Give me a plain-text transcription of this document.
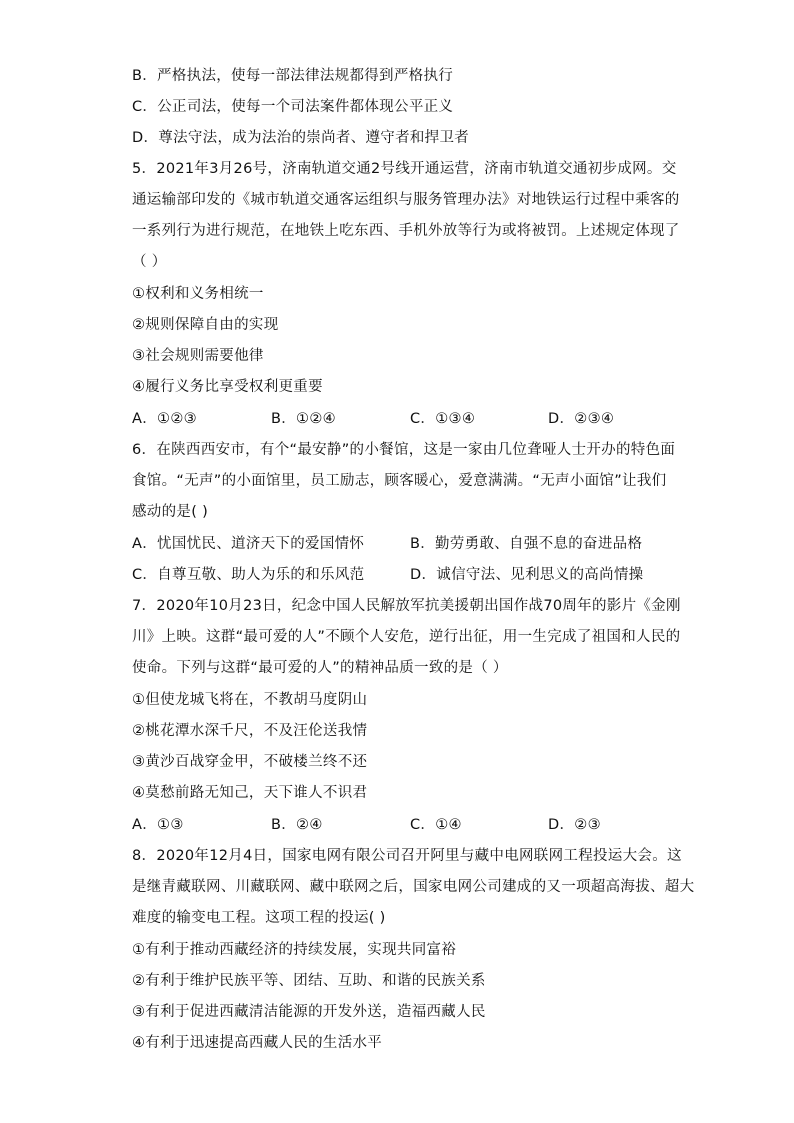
B．严格执法，使每一部法律法规都得到严格执行
C．公正司法，使每一个司法案件都体现公平正义
D．尊法守法，成为法治的崇尚者、遵守者和捍卫者
5．2021年3月26号，济南轨道交通2号线开通运营，济南市轨道交通初步成网。交
通运输部印发的《城市轨道交通客运组织与服务管理办法》对地铁运行过程中乘客的
一系列行为进行规范，在地铁上吃东西、手机外放等行为或将被罚。上述规定体现了
（ ）
①权利和义务相统一
②规则保障自由的实现
③社会规则需要他律
④履行义务比享受权利更重要
A．①②③	B．①②④	C．①③④	D．②③④
6．在陕西西安市，有个“最安静”的小餐馆，这是一家由几位聋哑人士开办的特色面
食馆。“无声”的小面馆里，员工励志，顾客暖心，爱意满满。“无声小面馆”让我们
感动的是( )
A．忧国忧民、道济天下的爱国情怀	B．勤劳勇敢、自强不息的奋进品格
C．自尊互敬、助人为乐的和乐风范	D．诚信守法、见利思义的高尚情操
7．2020年10月23日，纪念中国人民解放军抗美援朝出国作战70周年的影片《金刚
川》上映。这群“最可爱的人”不顾个人安危，逆行出征，用一生完成了祖国和人民的
使命。下列与这群“最可爱的人”的精神品质一致的是（ ）
①但使龙城飞将在，不教胡马度阴山
②桃花潭水深千尺，不及汪伦送我情
③黄沙百战穿金甲，不破楼兰终不还
④莫愁前路无知己，天下谁人不识君
A．①③	B．②④	C．①④	D．②③
8．2020年12月4日，国家电网有限公司召开阿里与藏中电网联网工程投运大会。这
是继青藏联网、川藏联网、藏中联网之后，国家电网公司建成的又一项超高海拔、超大
难度的输变电工程。这项工程的投运( )
①有利于推动西藏经济的持续发展，实现共同富裕
②有利于维护民族平等、团结、互助、和谐的民族关系
③有利于促进西藏清洁能源的开发外送，造福西藏人民
④有利于迅速提高西藏人民的生活水平
